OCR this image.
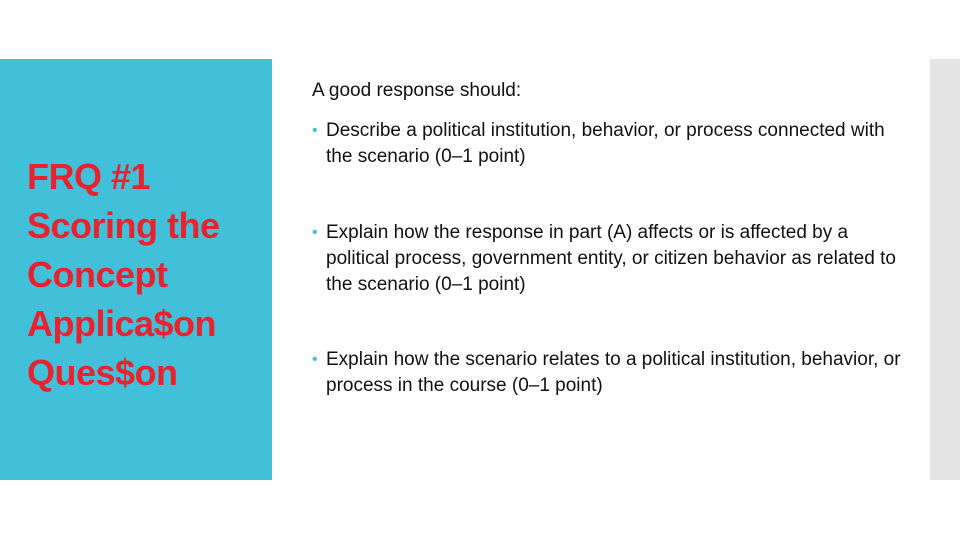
FRQ #1
Scoring the
Concept
Applica$on
Ques$on
A good response should:
• Describe a political institution, behavior, or process connected with the scenario (0–1 point)
• Explain how the response in part (A) affects or is affected by a political process, government entity, or citizen behavior as related to the scenario (0–1 point)
• Explain how the scenario relates to a political institution, behavior, or process in the course (0–1 point)
